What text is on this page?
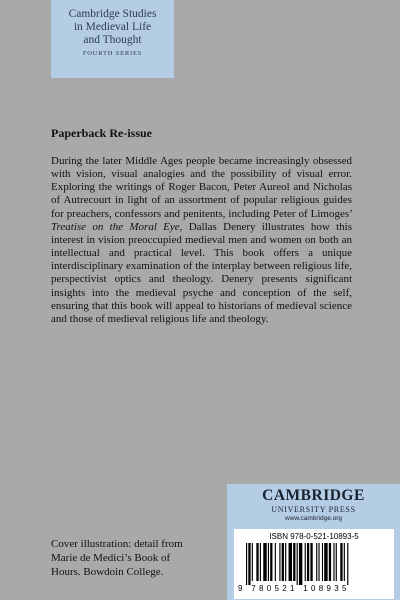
Cambridge Studies
in Medieval Life
and Thought
FOURTH SERIES
Paperback Re-issue
During the later Middle Ages people became increasingly obsessed with vision, visual analogies and the possibility of visual error. Exploring the writings of Roger Bacon, Peter Aureol and Nicholas of Autrecourt in light of an assortment of popular religious guides for preachers, confessors and penitents, including Peter of Limoges’ Treatise on the Moral Eye, Dallas Denery illustrates how this interest in vision preoccupied medieval men and women on both an intellectual and practical level. This book offers a unique interdisciplinary examination of the interplay between religious life, perspectivist optics and theology. Denery presents significant insights into the medieval psyche and conception of the self, ensuring that this book will appeal to historians of medieval science and those of medieval religious life and theology.
Cover illustration: detail from
Marie de Medici’s Book of
Hours. Bowdoin College.
CAMBRIDGE
UNIVERSITY PRESS
www.cambridge.org
ISBN 978-0-521-10893-5
9 780521 108935
